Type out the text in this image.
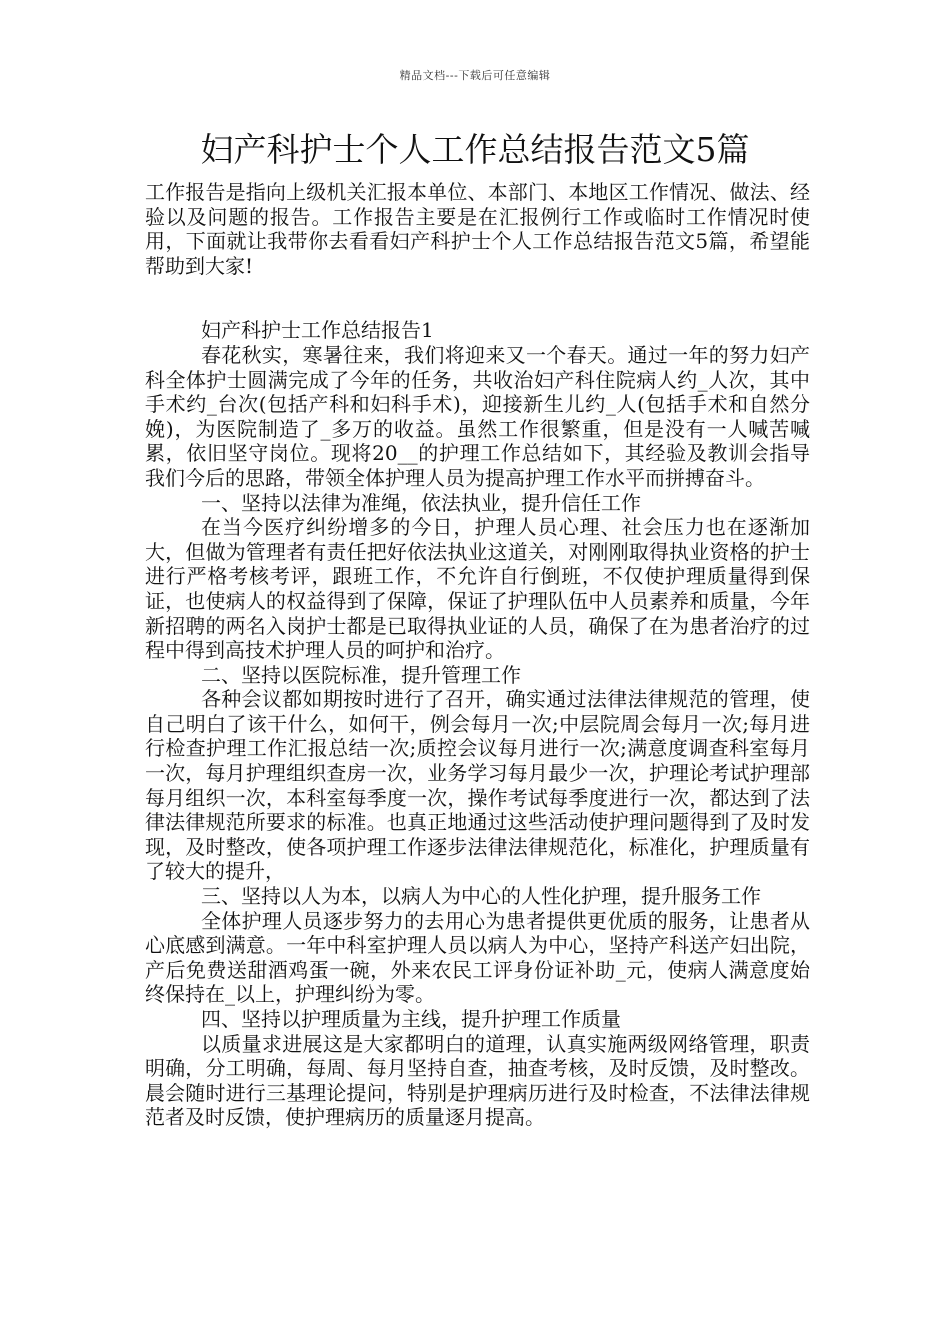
精品文档---下载后可任意编辑
妇产科护士个人工作总结报告范文5篇

工作报告是指向上级机关汇报本单位、本部门、本地区工作情况、做法、经验以及问题的报告。工作报告主要是在汇报例行工作或临时工作情况时使用，下面就让我带你去看看妇产科护士个人工作总结报告范文5篇，希望能帮助到大家!

妇产科护士工作总结报告1

春花秋实，寒暑往来，我们将迎来又一个春天。通过一年的努力妇产科全体护士圆满完成了今年的任务，共收治妇产科住院病人约_人次，其中手术约_台次(包括产科和妇科手术)，迎接新生儿约_人(包括手术和自然分娩)，为医院制造了_多万的收益。虽然工作很繁重，但是没有一人喊苦喊累，依旧坚守岗位。现将20__的护理工作总结如下，其经验及教训会指导我们今后的思路，带领全体护理人员为提高护理工作水平而拼搏奋斗。

一、坚持以法律为准绳，依法执业，提升信任工作

在当今医疗纠纷增多的今日，护理人员心理、社会压力也在逐渐加大，但做为管理者有责任把好依法执业这道关，对刚刚取得执业资格的护士进行严格考核考评，跟班工作，不允许自行倒班，不仅使护理质量得到保证，也使病人的权益得到了保障，保证了护理队伍中人员素养和质量，今年新招聘的两名入岗护士都是已取得执业证的人员，确保了在为患者治疗的过程中得到高技术护理人员的呵护和治疗。

二、坚持以医院标准，提升管理工作

各种会议都如期按时进行了召开，确实通过法律法律规范的管理，使自己明白了该干什么，如何干，例会每月一次;中层院周会每月一次;每月进行检查护理工作汇报总结一次;质控会议每月进行一次;满意度调查科室每月一次，每月护理组织查房一次，业务学习每月最少一次，护理论考试护理部每月组织一次，本科室每季度一次，操作考试每季度进行一次，都达到了法律法律规范所要求的标准。也真正地通过这些活动使护理问题得到了及时发现，及时整改，使各项护理工作逐步法律法律规范化，标准化，护理质量有了较大的提升，

三、坚持以人为本，以病人为中心的人性化护理，提升服务工作

全体护理人员逐步努力的去用心为患者提供更优质的服务，让患者从心底感到满意。一年中科室护理人员以病人为中心，坚持产科送产妇出院，产后免费送甜酒鸡蛋一碗，外来农民工评身份证补助_元，使病人满意度始终保持在_以上，护理纠纷为零。

四、坚持以护理质量为主线，提升护理工作质量

以质量求进展这是大家都明白的道理，认真实施两级网络管理，职责明确，分工明确，每周、每月坚持自查，抽查考核，及时反馈，及时整改。晨会随时进行三基理论提问，特别是护理病历进行及时检查，不法律法律规范者及时反馈，使护理病历的质量逐月提高。
